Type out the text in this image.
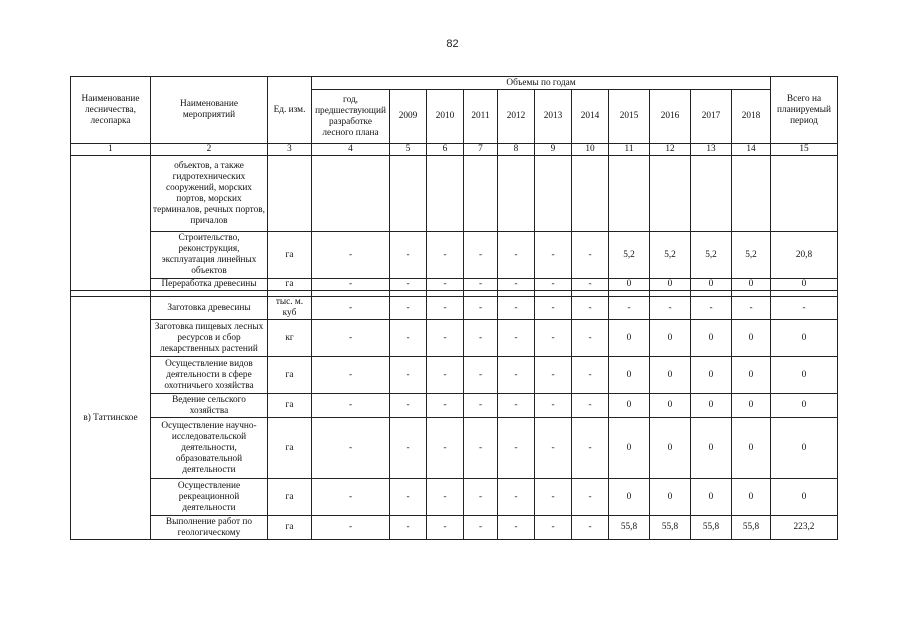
82
Наименование лесничества, лесопарка	Наименование мероприятий	Ед. изм.	Объемы по годам											Всего на планируемый период
			год, предшествующий разработке лесного плана	2009	2010	2011	2012	2013	2014	2015	2016	2017	2018	
1	2	3	4	5	6	7	8	9	10	11	12	13	14	15
	объектов, а также гидротехнических сооружений, морских портов, морских терминалов, речных портов, причалов													
	Строительство, реконструкция, эксплуатация линейных объектов	га	-	-	-	-	-	-	-	5,2	5,2	5,2	5,2	20,8
	Переработка древесины	га	-	-	-	-	-	-	-	0	0	0	0	0

в) Таттинское	Заготовка древесины	тыс. м. куб	-	-	-	-	-	-	-	-	-	-	-	-
	Заготовка пищевых лесных ресурсов и сбор лекарственных растений	кг	-	-	-	-	-	-	-	0	0	0	0	0
	Осуществление видов деятельности в сфере охотничьего хозяйства	га	-	-	-	-	-	-	-	0	0	0	0	0
	Ведение сельского хозяйства	га	-	-	-	-	-	-	-	0	0	0	0	0
	Осуществление научно-исследовательской деятельности, образовательной деятельности	га	-	-	-	-	-	-	-	0	0	0	0	0
	Осуществление рекреационной деятельности	га	-	-	-	-	-	-	-	0	0	0	0	0
	Выполнение работ по геологическому	га	-	-	-	-	-	-	-	55,8	55,8	55,8	55,8	223,2
